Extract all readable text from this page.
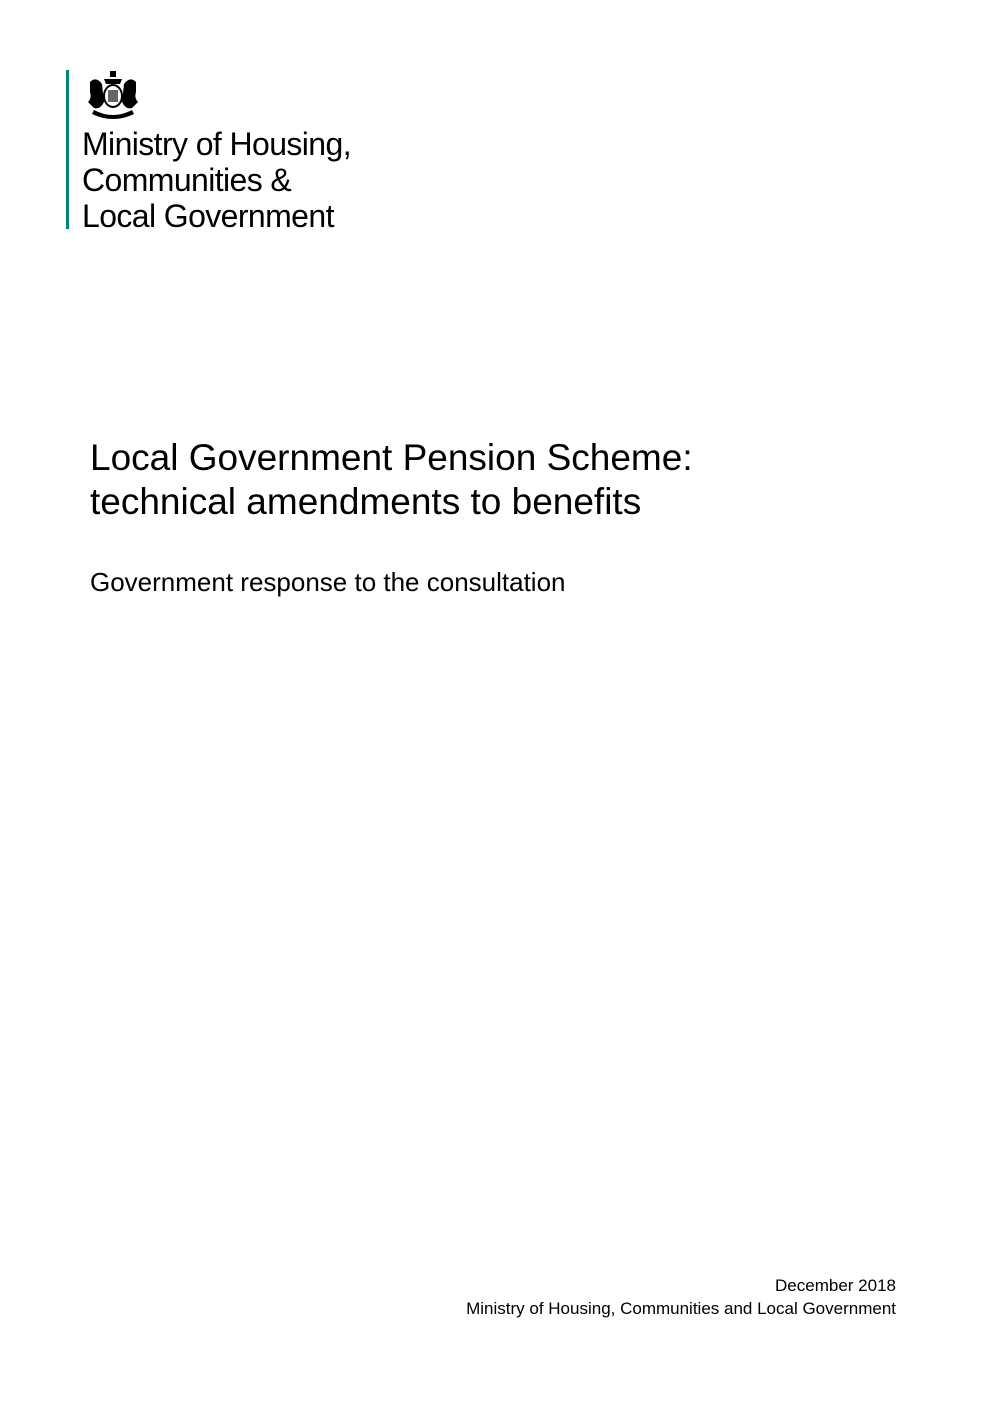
Ministry of Housing,
Communities &
Local Government
Local Government Pension Scheme:
technical amendments to benefits
Government response to the consultation
December 2018
Ministry of Housing, Communities and Local Government
